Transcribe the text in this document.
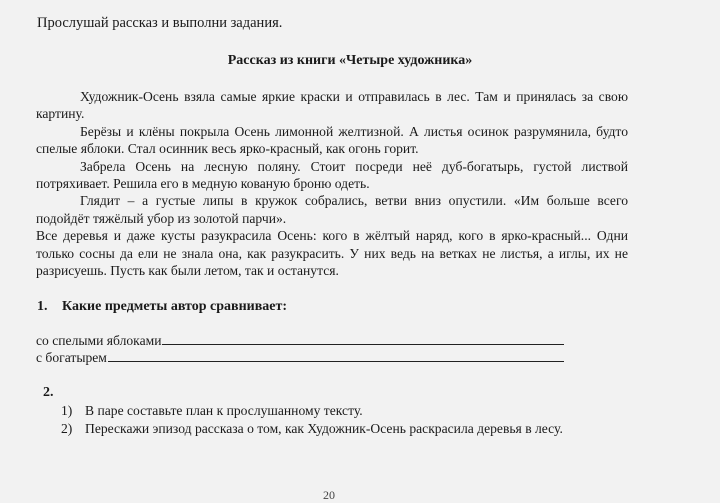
Прослушай рассказ и выполни задания.
Рассказ из книги «Четыре художника»

Художник-Осень взяла самые яркие краски и отправилась в лес. Там и принялась за свою картину.

Берёзы и клёны покрыла Осень лимонной желтизной. А листья осинок разрумянила, будто спелые яблоки. Стал осинник весь ярко-красный, как огонь горит.

Забрела Осень на лесную поляну. Стоит посреди неё дуб-богатырь, густой листвой потряхивает. Решила его в медную кованую броню одеть.

Глядит – а густые липы в кружок собрались, ветви вниз опустили. «Им больше всего подойдёт тяжёлый убор из золотой парчи».

Все деревья и даже кусты разукрасила Осень: кого в жёлтый наряд, кого в ярко-красный... Одни только сосны да ели не знала она, как разукрасить. У них ведь на ветках не листья, а иглы, их не разрисуешь. Пусть как были летом, так и останутся.

1. Какие предметы автор сравнивает:
со спелыми яблоками
с богатырем
2.
1) В паре составьте план к прослушанному тексту.
2) Перескажи эпизод рассказа о том, как Художник-Осень раскрасила деревья в лесу.
20
